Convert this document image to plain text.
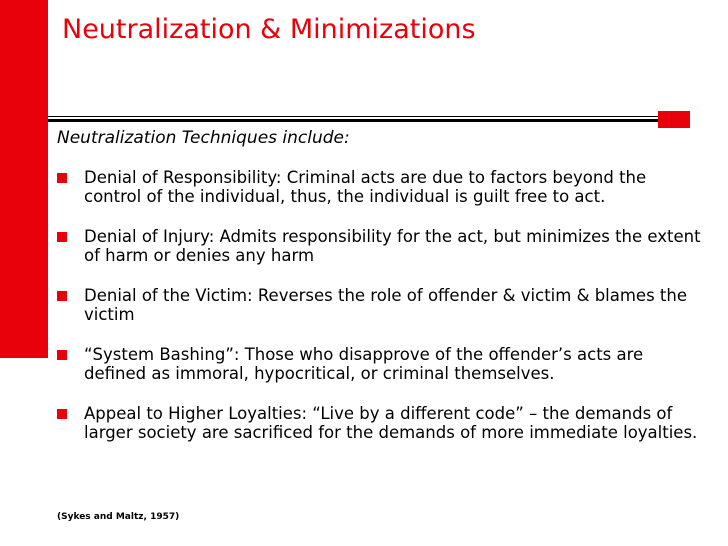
Neutralization & Minimizations

Neutralization Techniques include:

Denial of Responsibility: Criminal acts are due to factors beyond the control of the individual, thus, the individual is guilt free to act.
Denial of Injury: Admits responsibility for the act, but minimizes the extent of harm or denies any harm
Denial of the Victim: Reverses the role of offender & victim & blames the victim
“System Bashing”: Those who disapprove of the offender’s acts are defined as immoral, hypocritical, or criminal themselves.
Appeal to Higher Loyalties: “Live by a different code” – the demands of larger society are sacrificed for the demands of more immediate loyalties.

(Sykes and Maltz, 1957)
